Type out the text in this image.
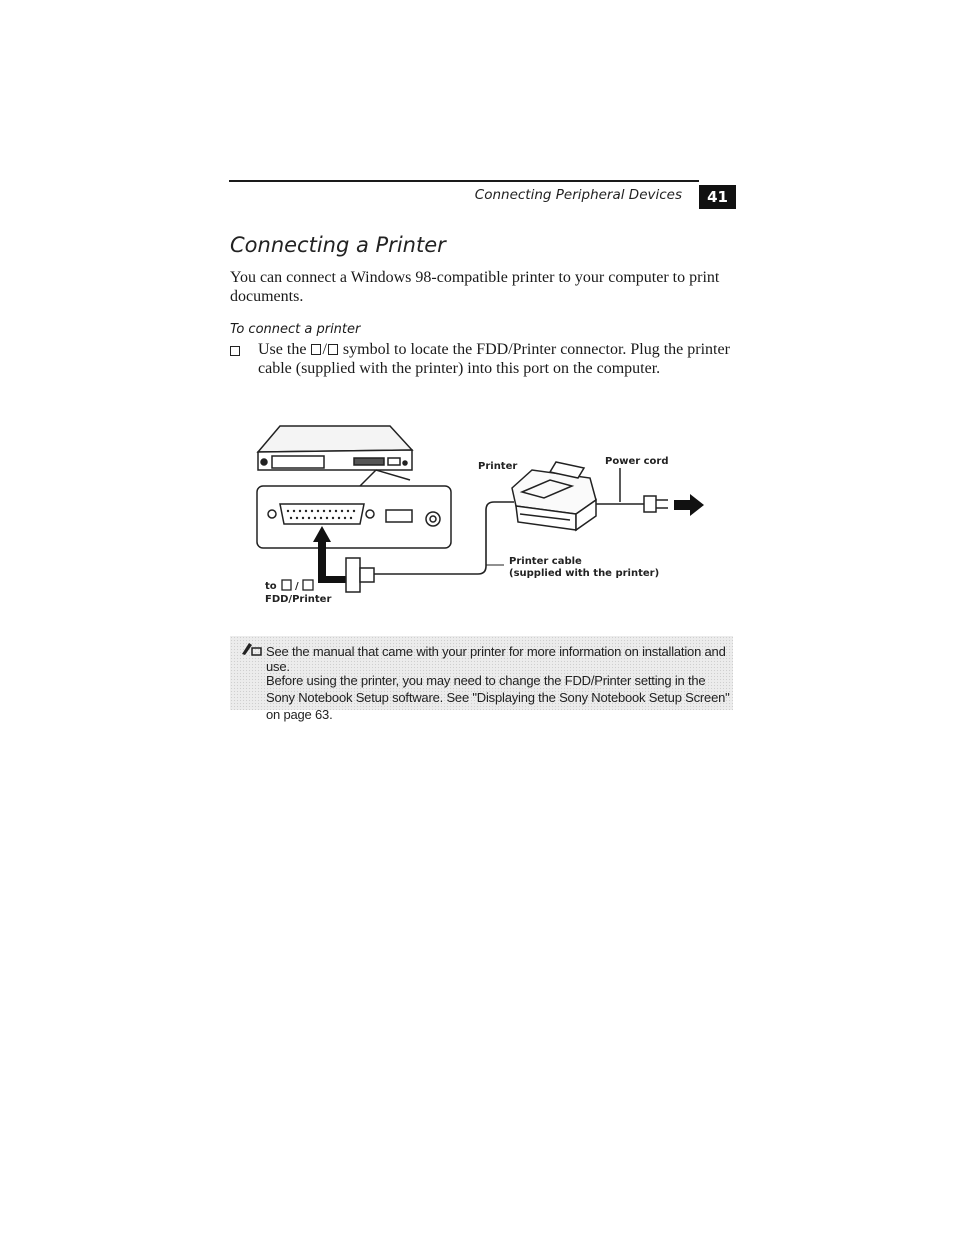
Connecting Peripheral Devices	41
Connecting a Printer

You can connect a Windows 98-compatible printer to your computer to print documents.

To connect a printer

Use the / symbol to locate the FDD/Printer connector. Plug the printer cable (supplied with the printer) into this port on the computer.
Printer	Power cord
Printer cable
(supplied with the printer)
to /
FDD/Printer
See the manual that came with your printer for more information on installation and use.
Before using the printer, you may need to change the FDD/Printer setting in the Sony Notebook Setup software. See "Displaying the Sony Notebook Setup Screen" on page 63.
